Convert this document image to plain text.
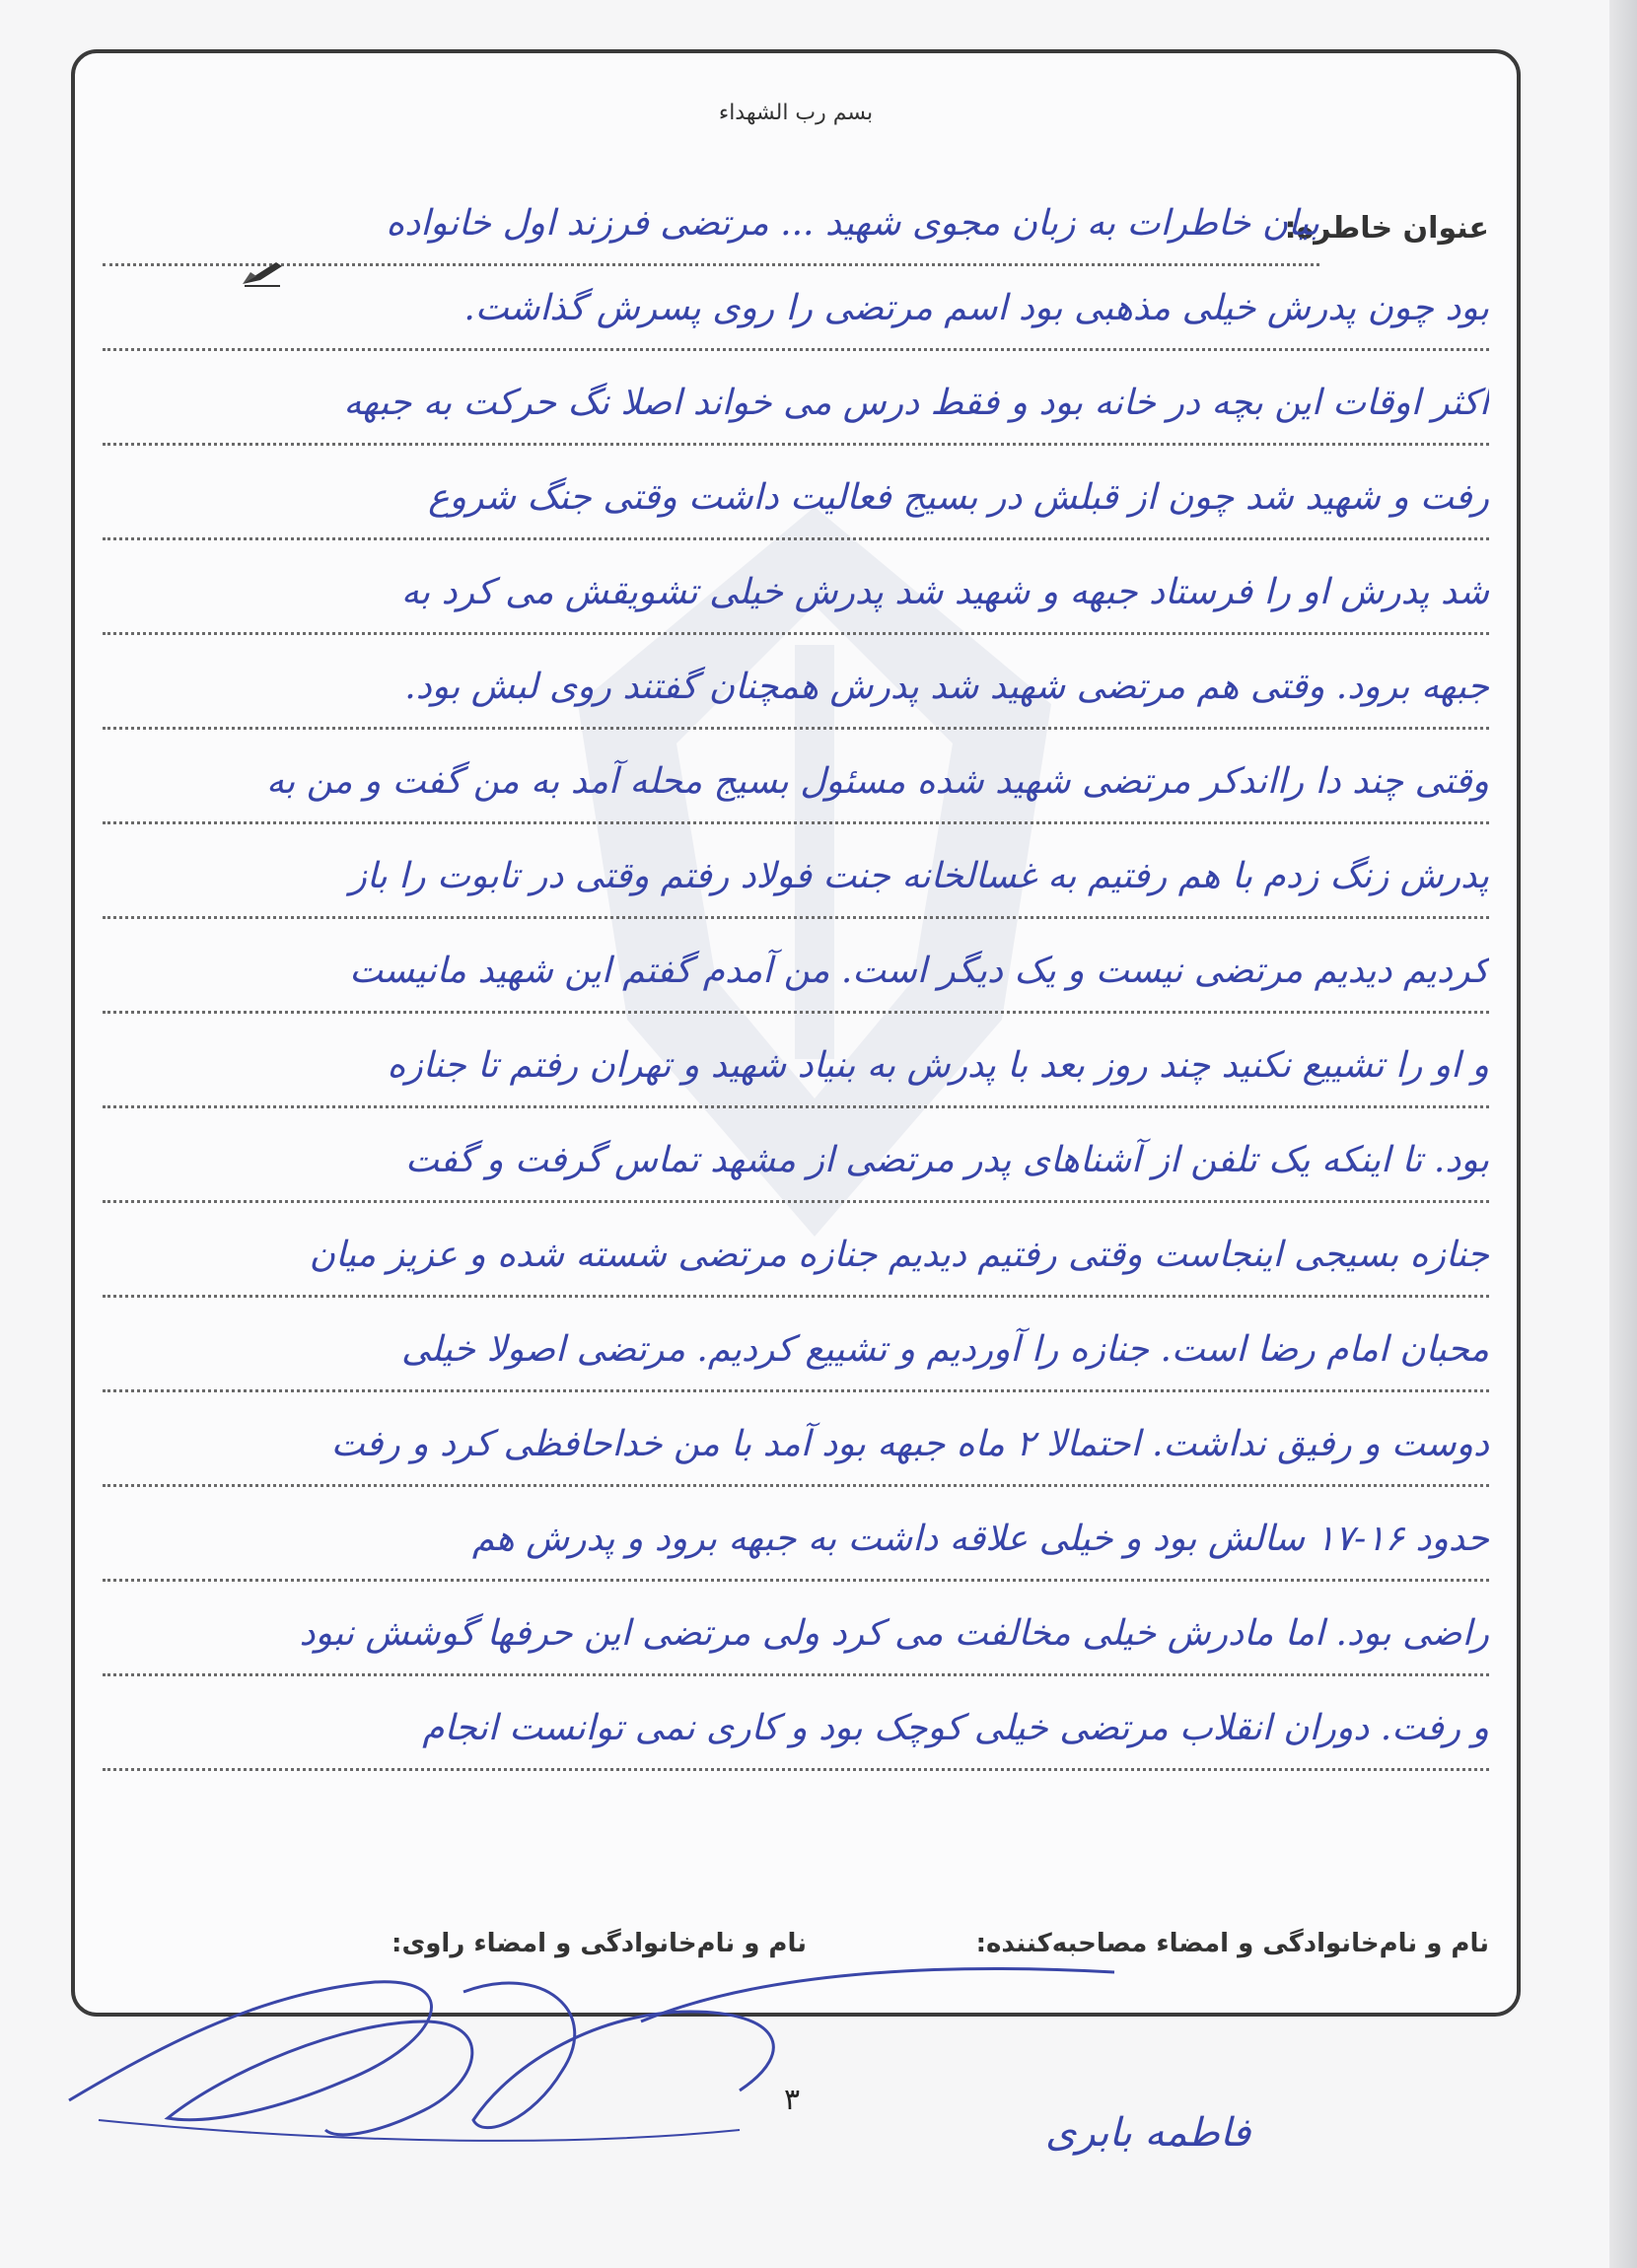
بسم رب الشهداء
عنوان خاطره:
بیان خاطرات به زبان مجوی شهید ... مرتضی فرزند اول خانواده
بود چون پدرش خیلی مذهبی بود اسم مرتضی را روی پسرش گذاشت.
اکثر اوقات این بچه در خانه بود و فقط درس می خواند اصلا نگ حرکت به جبهه
رفت و شهید شد چون از قبلش در بسیج فعالیت داشت وقتی جنگ شروع
شد پدرش او را فرستاد جبهه و شهید شد پدرش خیلی تشویقش می کرد به
جبهه برود. وقتی هم مرتضی شهید شد پدرش همچنان گفتند روی لبش بود.
وقتی چند دا رااندکر مرتضی شهید شده مسئول بسیج محله آمد به من گفت و من به
پدرش زنگ زدم با هم رفتیم به غسالخانه جنت فولاد رفتم وقتی در تابوت را باز
کردیم دیدیم مرتضی نیست و یک دیگر است. من آمدم گفتم این شهید مانیست
و او را تشییع نکنید چند روز بعد با پدرش به بنیاد شهید و تهران رفتم تا جنازه
بود. تا اینکه یک تلفن از آشناهای پدر مرتضی از مشهد تماس گرفت و گفت
جنازه بسیجی اینجاست وقتی رفتیم دیدیم جنازه مرتضی شسته شده و عزیز میان
محبان امام رضا است. جنازه را آوردیم و تشییع کردیم. مرتضی اصولا خیلی
دوست و رفیق نداشت. احتمالا ۲ ماه جبهه بود آمد با من خداحافظی کرد و رفت
حدود ۱۶-۱۷ سالش بود و خیلی علاقه داشت به جبهه برود و پدرش هم
راضی بود. اما مادرش خیلی مخالفت می کرد ولی مرتضی این حرفها گوشش نبود
و رفت. دوران انقلاب مرتضی خیلی کوچک بود و کاری نمی توانست انجام
نام و نام‌خانوادگی و امضاء مصاحبه‌کننده:
نام و نام‌خانوادگی و امضاء راوی:
۳
فاطمه بابری
